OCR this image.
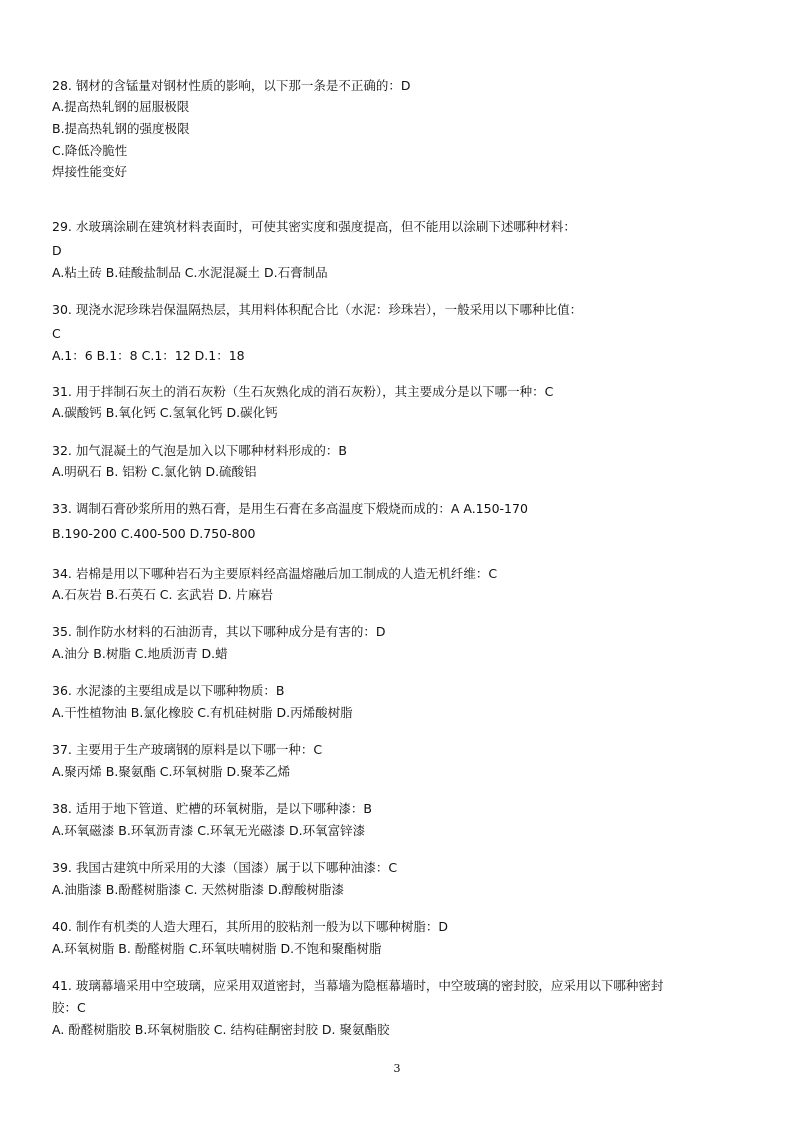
28. 钢材的含锰量对钢材性质的影响，以下那一条是不正确的：D
A.提高热轧钢的屈服极限
B.提高热轧钢的强度极限
C.降低冷脆性
焊接性能变好
29. 水玻璃涂刷在建筑材料表面时，可使其密实度和强度提高，但不能用以涂刷下述哪种材料：
D
A.粘土砖 B.硅酸盐制品 C.水泥混凝土 D.石膏制品
30. 现浇水泥珍珠岩保温隔热层，其用料体积配合比（水泥：珍珠岩），一般采用以下哪种比值：
C
A.1：6 B.1：8 C.1：12 D.1：18
31. 用于拌制石灰土的消石灰粉（生石灰熟化成的消石灰粉），其主要成分是以下哪一种：C
A.碳酸钙 B.氧化钙 C.氢氧化钙 D.碳化钙
32. 加气混凝土的气泡是加入以下哪种材料形成的：B
A.明矾石 B. 铝粉 C.氯化钠 D.硫酸铝
33. 调制石膏砂浆所用的熟石膏，是用生石膏在多高温度下煅烧而成的：A A.150-170
B.190-200 C.400-500 D.750-800
34. 岩棉是用以下哪种岩石为主要原料经高温熔融后加工制成的人造无机纤维：C
A.石灰岩 B.石英石 C. 玄武岩 D. 片麻岩
35. 制作防水材料的石油沥青，其以下哪种成分是有害的：D
A.油分 B.树脂 C.地质沥青 D.蜡
36. 水泥漆的主要组成是以下哪种物质：B
A.干性植物油 B.氯化橡胶 C.有机硅树脂 D.丙烯酸树脂
37. 主要用于生产玻璃钢的原料是以下哪一种：C
A.聚丙烯 B.聚氨酯 C.环氧树脂 D.聚苯乙烯
38. 适用于地下管道、贮槽的环氧树脂，是以下哪种漆：B
A.环氧磁漆 B.环氧沥青漆 C.环氧无光磁漆 D.环氧富锌漆
39. 我国古建筑中所采用的大漆（国漆）属于以下哪种油漆：C
A.油脂漆 B.酚醛树脂漆 C. 天然树脂漆 D.醇酸树脂漆
40. 制作有机类的人造大理石，其所用的胶粘剂一般为以下哪种树脂：D
A.环氧树脂 B. 酚醛树脂 C.环氧呋喃树脂 D.不饱和聚酯树脂
41. 玻璃幕墙采用中空玻璃，应采用双道密封，当幕墙为隐框幕墙时，中空玻璃的密封胶，应采用以下哪种密封
胶：C
A. 酚醛树脂胶 B.环氧树脂胶 C. 结构硅酮密封胶 D. 聚氨酯胶
3
